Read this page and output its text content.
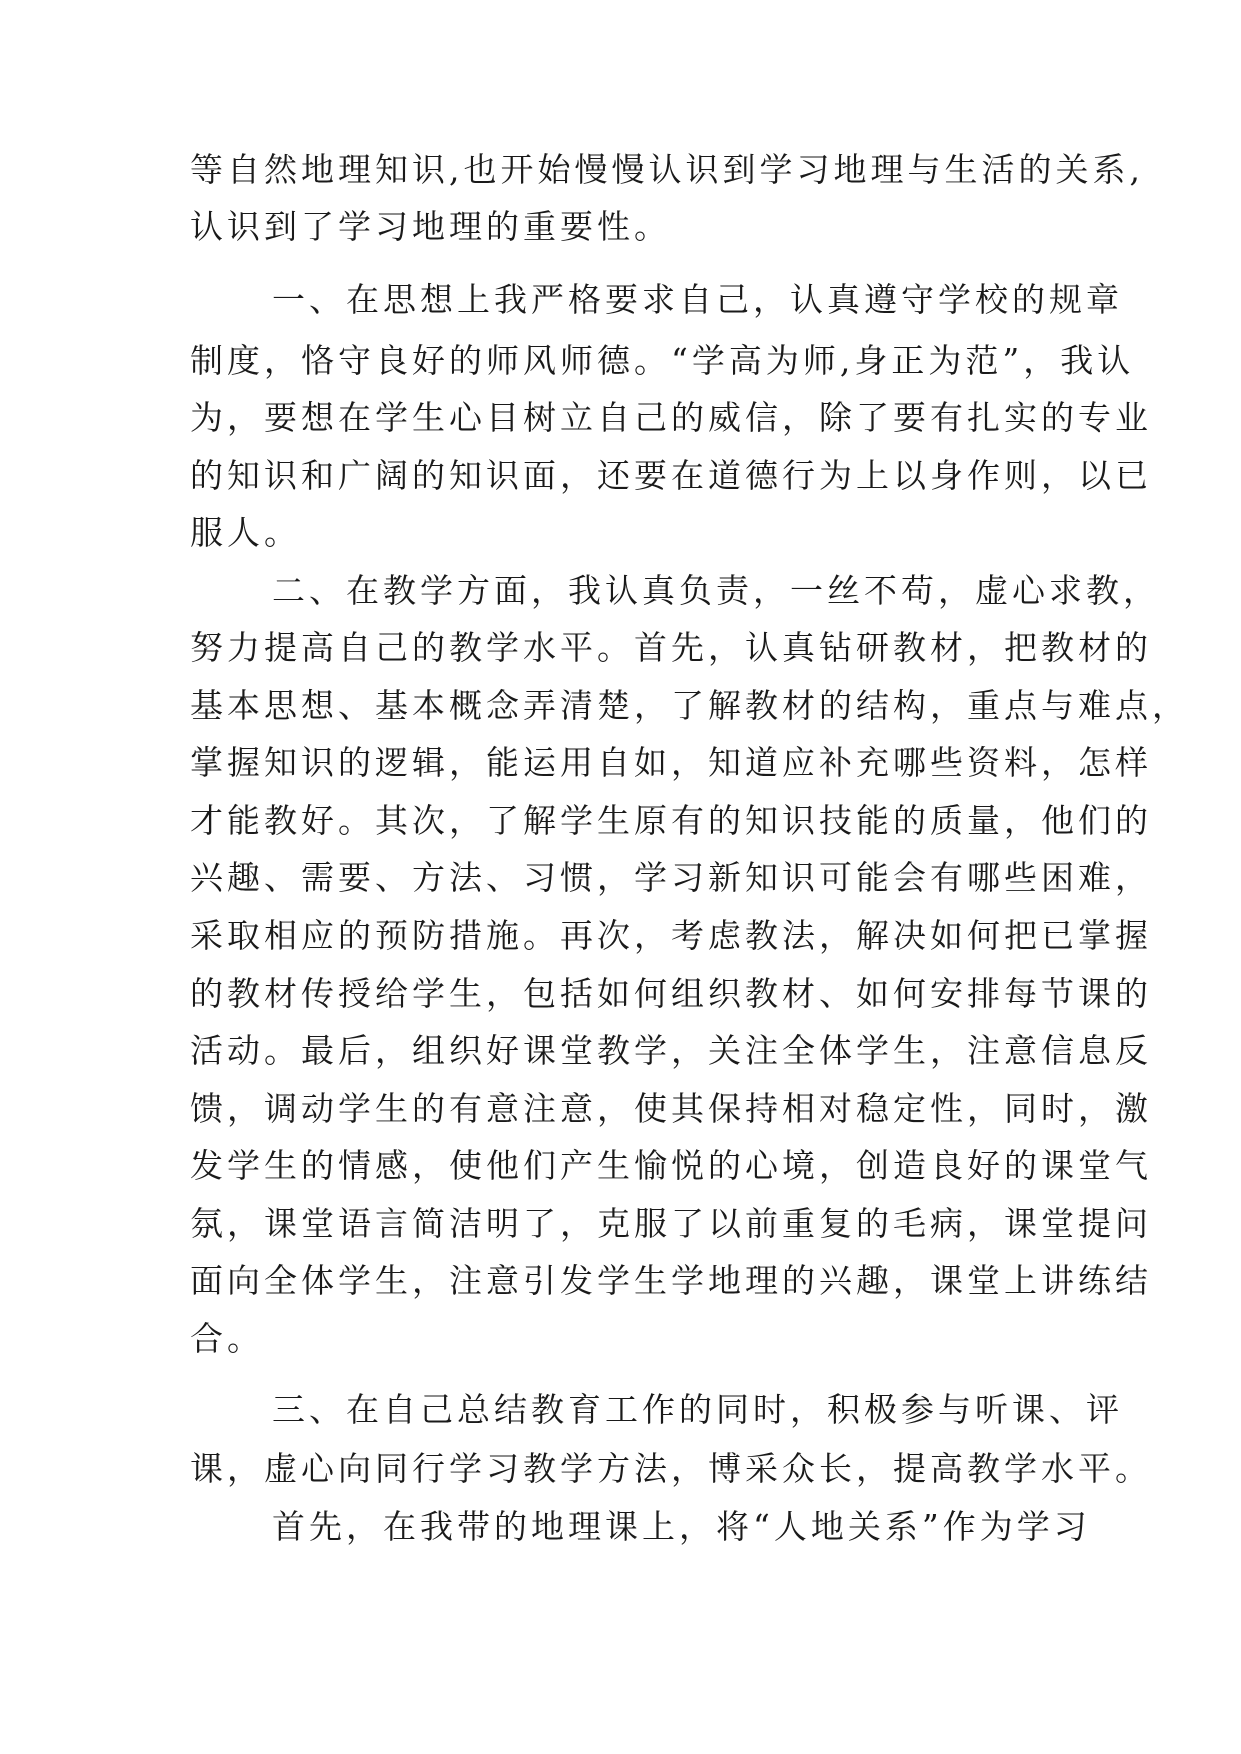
等自然地理知识,也开始慢慢认识到学习地理与生活的关系,
认识到了学习地理的重要性。
一、在思想上我严格要求自己，认真遵守学校的规章
制度，恪守良好的师风师德。“学高为师,身正为范”，我认
为，要想在学生心目树立自己的威信，除了要有扎实的专业
的知识和广阔的知识面，还要在道德行为上以身作则，以已
服人。
二、在教学方面，我认真负责，一丝不苟，虚心求教，
努力提高自己的教学水平。首先，认真钻研教材，把教材的
基本思想、基本概念弄清楚，了解教材的结构，重点与难点，
掌握知识的逻辑，能运用自如，知道应补充哪些资料，怎样
才能教好。其次，了解学生原有的知识技能的质量，他们的
兴趣、需要、方法、习惯，学习新知识可能会有哪些困难，
采取相应的预防措施。再次，考虑教法，解决如何把已掌握
的教材传授给学生，包括如何组织教材、如何安排每节课的
活动。最后，组织好课堂教学，关注全体学生，注意信息反
馈，调动学生的有意注意，使其保持相对稳定性，同时，激
发学生的情感，使他们产生愉悦的心境，创造良好的课堂气
氛，课堂语言简洁明了，克服了以前重复的毛病，课堂提问
面向全体学生，注意引发学生学地理的兴趣，课堂上讲练结
合。
三、在自己总结教育工作的同时，积极参与听课、评
课，虚心向同行学习教学方法，博采众长，提高教学水平。
首先，在我带的地理课上，将“人地关系”作为学习
